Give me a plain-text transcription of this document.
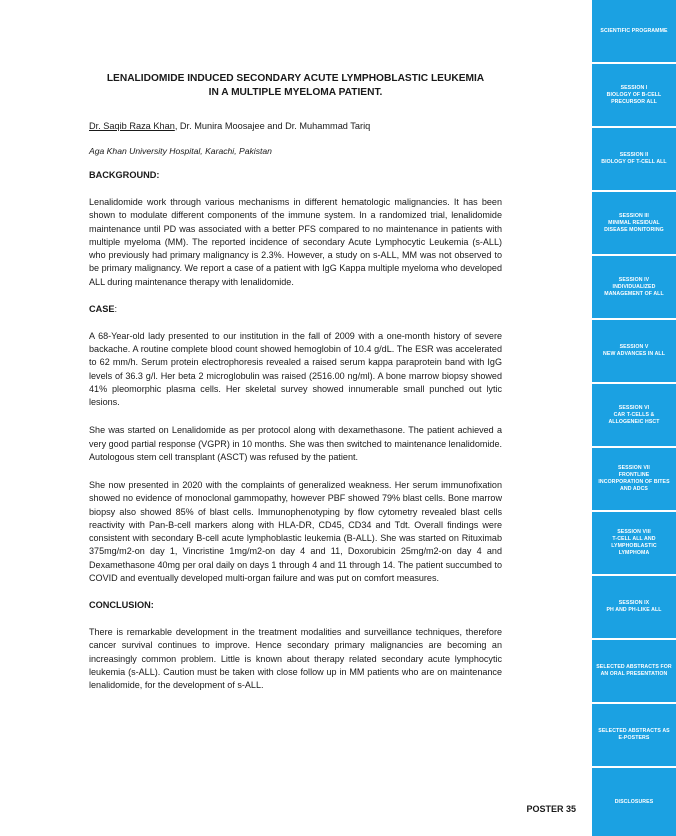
LENALIDOMIDE INDUCED SECONDARY ACUTE LYMPHOBLASTIC LEUKEMIA
IN A MULTIPLE MYELOMA PATIENT.
Dr. Saqib Raza Khan, Dr. Munira Moosajee and Dr. Muhammad Tariq
Aga Khan University Hospital, Karachi, Pakistan
BACKGROUND:
Lenalidomide work through various mechanisms in different hematologic malignancies. It has been shown to modulate different components of the immune system. In a randomized trial, lenalidomide maintenance until PD was associated with a better PFS compared to no maintenance in patients with multiple myeloma (MM). The reported incidence of secondary Acute Lymphocytic Leukemia (s-ALL) who previously had primary malignancy is 2.3%. However, a study on s-ALL, MM was not observed to be primary malignancy. We report a case of a patient with IgG Kappa multiple myeloma who developed ALL during maintenance therapy with lenalidomide.
CASE:
A 68-Year-old lady presented to our institution in the fall of 2009 with a one-month history of severe backache. A routine complete blood count showed hemoglobin of 10.4 g/dL. The ESR was accelerated to 62 mm/h. Serum protein electrophoresis revealed a raised serum kappa paraprotein band with IgG levels of 36.3 g/l. Her beta 2 microglobulin was raised (2516.00 ng/ml). A bone marrow biopsy showed 41% pleomorphic plasma cells. Her skeletal survey showed innumerable small punched out lytic lesions.
She was started on Lenalidomide as per protocol along with dexamethasone. The patient achieved a very good partial response (VGPR) in 10 months. She was then switched to maintenance lenalidomide. Autologous stem cell transplant (ASCT) was refused by the patient.
She now presented in 2020 with the complaints of generalized weakness. Her serum immunofixation showed no evidence of monoclonal gammopathy, however PBF showed 79% blast cells. Bone marrow biopsy also showed 85% of blast cells. Immunophenotyping by flow cytometry revealed blast cells reactivity with Pan-B-cell markers along with HLA-DR, CD45, CD34 and Tdt. Overall findings were consistent with secondary B-cell acute lymphoblastic leukemia (B-ALL). She was started on Rituximab 375mg/m2-on day 1, Vincristine 1mg/m2-on day 4 and 11, Doxorubicin 25mg/m2-on day 4 and Dexamethasone 40mg per oral daily on days 1 through 4 and 11 through 14. The patient succumbed to COVID and eventually developed multi-organ failure and was put on comfort measures.
CONCLUSION:
There is remarkable development in the treatment modalities and surveillance techniques, therefore cancer survival continues to improve. Hence secondary primary malignancies are becoming an increasingly common problem. Little is known about therapy related secondary acute lymphocytic leukemia (s-ALL). Caution must be taken with close follow up in MM patients who are on maintenance lenalidomide, for the development of s-ALL.
POSTER 35
SCIENTIFIC PROGRAMME
SESSION I
BIOLOGY OF B-CELL PRECURSOR ALL
SESSION II
BIOLOGY OF T-CELL ALL
SESSION III
MINIMAL RESIDUAL DISEASE MONITORING
SESSION IV
INDIVIDUALIZED MANAGEMENT OF ALL
SESSION V
NEW ADVANCES IN ALL
SESSION VI
CAR T-CELLS & ALLOGENEIC HSCT
SESSION VII
FRONTLINE INCORPORATION OF BITES AND ADCS
SESSION VIII
T-CELL ALL AND LYMPHOBLASTIC LYMPHOMA
SESSION IX
PH AND PH-LIKE ALL
SELECTED ABSTRACTS FOR AN ORAL PRESENTATION
SELECTED ABSTRACTS AS E-POSTERS
DISCLOSURES
